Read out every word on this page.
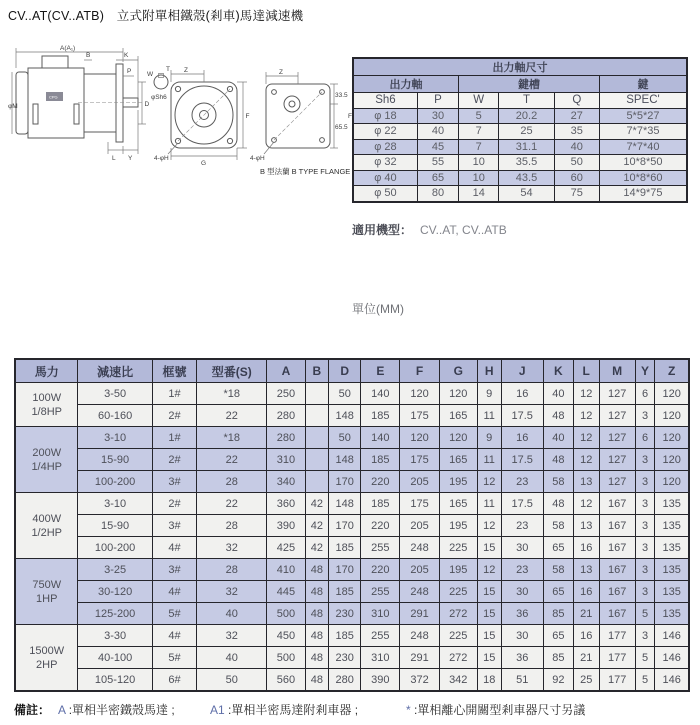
CV..AT(CV..ATB)　立式附單相鐵殼(剎車)馬達減速機
CPG
A(A₁)
B	K
P
D
φM
W
T
φSh6
L Y
Z
F
G
4-φH
Z
33.5
65.5
F
4-φH
B 型法蘭 B TYPE FLANGE
出力軸尺寸					
出力軸		鍵槽			鍵
Sh6	P	W	T	Q	SPEC'
φ 18	30	5	20.2	27	5*5*27
φ 22	40	7	25	35	7*7*35
φ 28	45	7	31.1	40	7*7*40
φ 32	55	10	35.5	50	10*8*50
φ 40	65	10	43.5	60	10*8*60
φ 50	80	14	54	75	14*9*75
適用機型： CV..AT, CV..ATB
單位(MM)
馬力	減速比	框號	型番(S)	A	B	D	E	F	G	H	J	K	L	M	Y	Z

100W
1/8HP	3-50	1#	*18	250		50	140	120	120	9	16	40	12	127	6	120
	60-160	2#	22	280		148	185	175	165	11	17.5	48	12	127	3	120

200W
1/4HP	3-10	1#	*18	280		50	140	120	120	9	16	40	12	127	6	120
	15-90	2#	22	310		148	185	175	165	11	17.5	48	12	127	3	120
	100-200	3#	28	340		170	220	205	195	12	23	58	13	127	3	120

400W
1/2HP	3-10	2#	22	360	42	148	185	175	165	11	17.5	48	12	167	3	135
	15-90	3#	28	390	42	170	220	205	195	12	23	58	13	167	3	135
	100-200	4#	32	425	42	185	255	248	225	15	30	65	16	167	3	135

750W
1HP	3-25	3#	28	410	48	170	220	205	195	12	23	58	13	167	3	135
	30-120	4#	32	445	48	185	255	248	225	15	30	65	16	167	3	135
	125-200	5#	40	500	48	230	310	291	272	15	36	85	21	167	5	135

1500W
2HP	3-30	4#	32	450	48	185	255	248	225	15	30	65	16	177	3	146
	40-100	5#	40	500	48	230	310	291	272	15	36	85	21	177	5	146
	105-120	6#	50	560	48	280	390	372	342	18	51	92	25	177	5	146
備註： A :單相半密鐵殼馬達 ;	A1 :單相半密馬達附剎車器 ;	* :單相離心開關型剎車器尺寸另議
